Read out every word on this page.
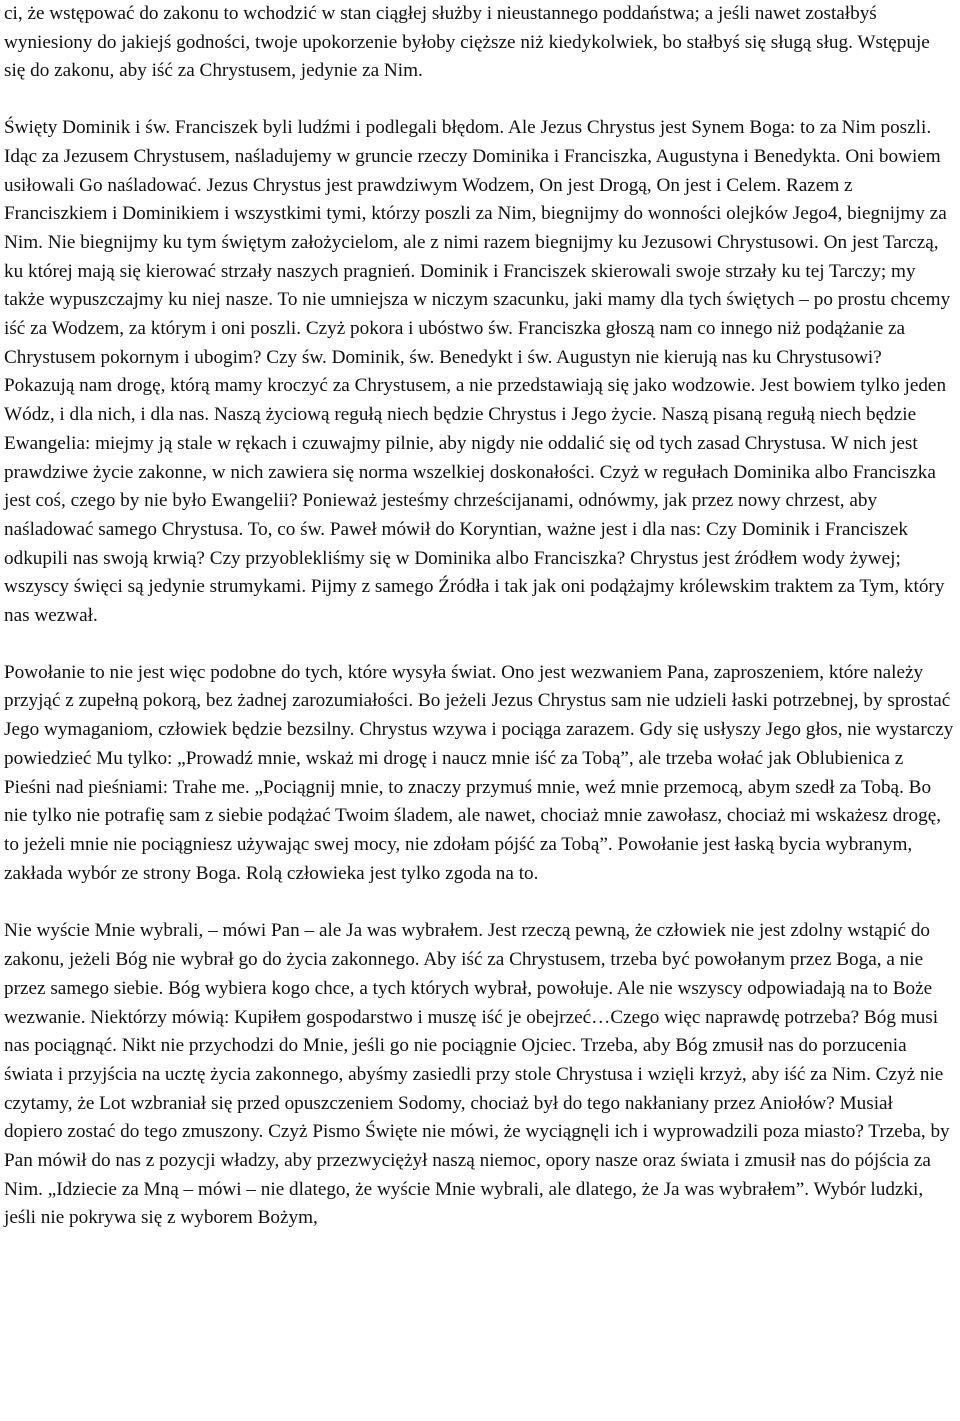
ci, że wstępować do zakonu to wchodzić w stan ciągłej służby i nieustannego poddaństwa; a jeśli nawet zostałbyś wyniesiony do jakiejś godności, twoje upokorzenie byłoby cięższe niż kiedykolwiek, bo stałbyś się sługą sług. Wstępuje się do zakonu, aby iść za Chrystusem, jedynie za Nim.

Święty Dominik i św. Franciszek byli ludźmi i podlegali błędom. Ale Jezus Chrystus jest Synem Boga: to za Nim poszli. Idąc za Jezusem Chrystusem, naśladujemy w gruncie rzeczy Dominika i Franciszka, Augustyna i Benedykta. Oni bowiem usiłowali Go naśladować. Jezus Chrystus jest prawdziwym Wodzem, On jest Drogą, On jest i Celem. Razem z Franciszkiem i Dominikiem i wszystkimi tymi, którzy poszli za Nim, biegnijmy do wonności olejków Jego4, biegnijmy za Nim. Nie biegnijmy ku tym świętym założycielom, ale z nimi razem biegnijmy ku Jezusowi Chrystusowi. On jest Tarczą, ku której mają się kierować strzały naszych pragnień. Dominik i Franciszek skierowali swoje strzały ku tej Tarczy; my także wypuszczajmy ku niej nasze. To nie umniejsza w niczym szacunku, jaki mamy dla tych świętych – po prostu chcemy iść za Wodzem, za którym i oni poszli. Czyż pokora i ubóstwo św. Franciszka głoszą nam co innego niż podążanie za Chrystusem pokornym i ubogim? Czy św. Dominik, św. Benedykt i św. Augustyn nie kierują nas ku Chrystusowi? Pokazują nam drogę, którą mamy kroczyć za Chrystusem, a nie przedstawiają się jako wodzowie. Jest bowiem tylko jeden Wódz, i dla nich, i dla nas. Naszą życiową regułą niech będzie Chrystus i Jego życie. Naszą pisaną regułą niech będzie Ewangelia: miejmy ją stale w rękach i czuwajmy pilnie, aby nigdy nie oddalić się od tych zasad Chrystusa. W nich jest prawdziwe życie zakonne, w nich zawiera się norma wszelkiej doskonałości. Czyż w regułach Dominika albo Franciszka jest coś, czego by nie było Ewangelii? Ponieważ jesteśmy chrześcijanami, odnówmy, jak przez nowy chrzest, aby naśladować samego Chrystusa. To, co św. Paweł mówił do Koryntian, ważne jest i dla nas: Czy Dominik i Franciszek odkupili nas swoją krwią? Czy przyoblekliśmy się w Dominika albo Franciszka? Chrystus jest źródłem wody żywej; wszyscy święci są jedynie strumykami. Pijmy z samego Źródła i tak jak oni podążajmy królewskim traktem za Tym, który nas wezwał.

Powołanie to nie jest więc podobne do tych, które wysyła świat. Ono jest wezwaniem Pana, zaproszeniem, które należy przyjąć z zupełną pokorą, bez żadnej zarozumiałości. Bo jeżeli Jezus Chrystus sam nie udzieli łaski potrzebnej, by sprostać Jego wymaganiom, człowiek będzie bezsilny. Chrystus wzywa i pociąga zarazem. Gdy się usłyszy Jego głos, nie wystarczy powiedzieć Mu tylko: „Prowadź mnie, wskaż mi drogę i naucz mnie iść za Tobą”, ale trzeba wołać jak Oblubienica z Pieśni nad pieśniami: Trahe me. „Pociągnij mnie, to znaczy przymuś mnie, weź mnie przemocą, abym szedł za Tobą. Bo nie tylko nie potrafię sam z siebie podążać Twoim śladem, ale nawet, chociaż mnie zawołasz, chociaż mi wskażesz drogę, to jeżeli mnie nie pociągniesz używając swej mocy, nie zdołam pójść za Tobą”. Powołanie jest łaską bycia wybranym, zakłada wybór ze strony Boga. Rolą człowieka jest tylko zgoda na to.

Nie wyście Mnie wybrali, – mówi Pan – ale Ja was wybrałem. Jest rzeczą pewną, że człowiek nie jest zdolny wstąpić do zakonu, jeżeli Bóg nie wybrał go do życia zakonnego. Aby iść za Chrystusem, trzeba być powołanym przez Boga, a nie przez samego siebie. Bóg wybiera kogo chce, a tych których wybrał, powołuje. Ale nie wszyscy odpowiadają na to Boże wezwanie. Niektórzy mówią: Kupiłem gospodarstwo i muszę iść je obejrzeć…Czego więc naprawdę potrzeba? Bóg musi nas pociągnąć. Nikt nie przychodzi do Mnie, jeśli go nie pociągnie Ojciec. Trzeba, aby Bóg zmusił nas do porzucenia świata i przyjścia na ucztę życia zakonnego, abyśmy zasiedli przy stole Chrystusa i wzięli krzyż, aby iść za Nim. Czyż nie czytamy, że Lot wzbraniał się przed opuszczeniem Sodomy, chociaż był do tego nakłaniany przez Aniołów? Musiał dopiero zostać do tego zmuszony. Czyż Pismo Święte nie mówi, że wyciągnęli ich i wyprowadzili poza miasto? Trzeba, by Pan mówił do nas z pozycji władzy, aby przezwyciężył naszą niemoc, opory nasze oraz świata i zmusił nas do pójścia za Nim. „Idziecie za Mną – mówi – nie dlatego, że wyście Mnie wybrali, ale dlatego, że Ja was wybrałem”. Wybór ludzki, jeśli nie pokrywa się z wyborem Bożym,
